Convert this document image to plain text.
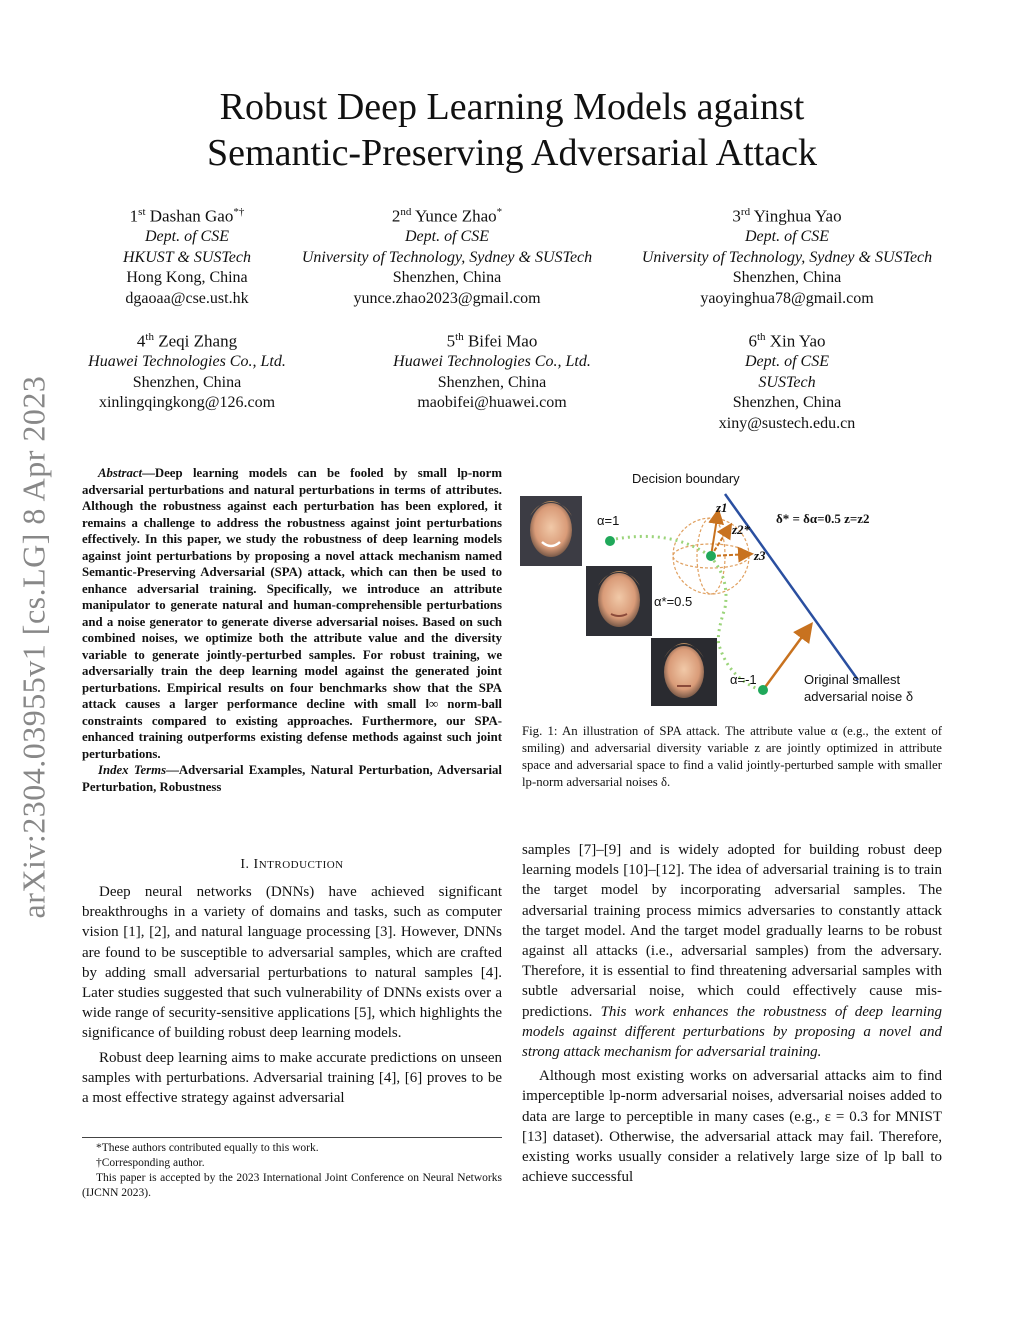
arXiv:2304.03955v1 [cs.LG] 8 Apr 2023
Robust Deep Learning Models against
Semantic-Preserving Adversarial Attack
1st Dashan Gao*†
Dept. of CSE
HKUST & SUSTech
Hong Kong, China
dgaoaa@cse.ust.hk
2nd Yunce Zhao*
Dept. of CSE
University of Technology, Sydney & SUSTech
Shenzhen, China
yunce.zhao2023@gmail.com
3rd Yinghua Yao
Dept. of CSE
University of Technology, Sydney & SUSTech
Shenzhen, China
yaoyinghua78@gmail.com
4th Zeqi Zhang
Huawei Technologies Co., Ltd.
Shenzhen, China
xinlingqingkong@126.com
5th Bifei Mao
Huawei Technologies Co., Ltd.
Shenzhen, China
maobifei@huawei.com
6th Xin Yao
Dept. of CSE
SUSTech
Shenzhen, China
xiny@sustech.edu.cn

Abstract—Deep learning models can be fooled by small lp-norm adversarial perturbations and natural perturbations in terms of attributes. Although the robustness against each perturbation has been explored, it remains a challenge to address the robustness against joint perturbations effectively. In this paper, we study the robustness of deep learning models against joint perturbations by proposing a novel attack mechanism named Semantic-Preserving Adversarial (SPA) attack, which can then be used to enhance adversarial training. Specifically, we introduce an attribute manipulator to generate natural and human-comprehensible perturbations and a noise generator to generate diverse adversarial noises. Based on such combined noises, we optimize both the attribute value and the diversity variable to generate jointly-perturbed samples. For robust training, we adversarially train the deep learning model against the generated joint perturbations. Empirical results on four benchmarks show that the SPA attack causes a larger performance decline with small l∞ norm-ball constraints compared to existing approaches. Furthermore, our SPA-enhanced training outperforms existing defense methods against such joint perturbations.

Index Terms—Adversarial Examples, Natural Perturbation, Adversarial Perturbation, Robustness

I. INTRODUCTION

Deep neural networks (DNNs) have achieved significant breakthroughs in a variety of domains and tasks, such as computer vision [1], [2], and natural language processing [3]. However, DNNs are found to be susceptible to adversarial samples, which are crafted by adding small adversarial perturbations to natural samples [4]. Later studies suggested that such vulnerability of DNNs exists over a wide range of security-sensitive applications [5], which highlights the significance of building robust deep learning models.

Robust deep learning aims to make accurate predictions on unseen samples with perturbations. Adversarial training [4], [6] proves to be a most effective strategy against adversarial

*These authors contributed equally to this work.

†Corresponding author.

This paper is accepted by the 2023 International Joint Conference on Neural Networks (IJCNN 2023).

Decision boundary
α=1
α*=0.5
α=-1
z1
z2*
z3
δ* = δα=0.5 z=z2
Original smallest
adversarial noise δ
Fig. 1: An illustration of SPA attack. The attribute value α (e.g., the extent of smiling) and adversarial diversity variable z are jointly optimized in attribute space and adversarial space to find a valid jointly-perturbed sample with smaller lp-norm adversarial noises δ.

samples [7]–[9] and is widely adopted for building robust deep learning models [10]–[12]. The idea of adversarial training is to train the target model by incorporating adversarial samples. The adversarial training process mimics adversaries to constantly attack the target model. And the target model gradually learns to be robust against all attacks (i.e., adversarial samples) from the adversary. Therefore, it is essential to find threatening adversarial samples with subtle adversarial noise, which could effectively cause mis-predictions. This work enhances the robustness of deep learning models against different perturbations by proposing a novel and strong attack mechanism for adversarial training.

Although most existing works on adversarial attacks aim to find imperceptible lp-norm adversarial noises, adversarial noises added to data are large to perceptible in many cases (e.g., ε = 0.3 for MNIST [13] dataset). Otherwise, the adversarial attack may fail. Therefore, existing works usually consider a relatively large size of lp ball to achieve successful
